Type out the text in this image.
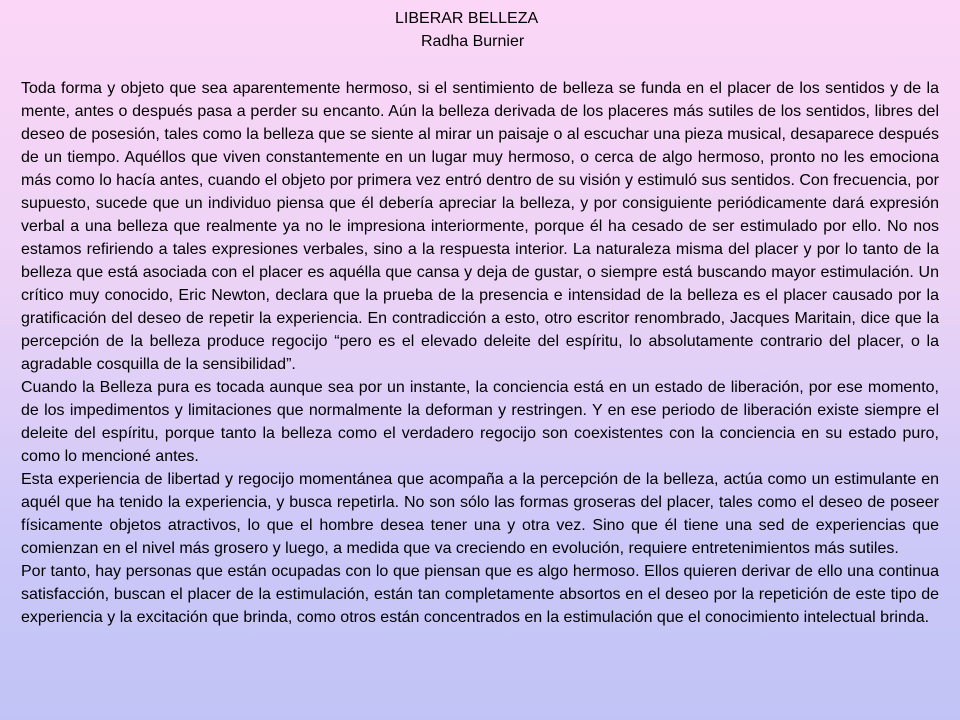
LIBERAR BELLEZA
Radha Burnier

Toda forma y objeto que sea aparentemente hermoso, si el sentimiento de belleza se funda en el placer de los sentidos y de la mente, antes o después pasa a perder su encanto. Aún la belleza derivada de los placeres más sutiles de los sentidos, libres del deseo de posesión, tales como la belleza que se siente al mirar un paisaje o al escuchar una pieza musical, desaparece después de un tiempo. Aquéllos que viven constantemente en un lugar muy hermoso, o cerca de algo hermoso, pronto no les emociona más como lo hacía antes, cuando el objeto por primera vez entró dentro de su visión y estimuló sus sentidos. Con frecuencia, por supuesto, sucede que un individuo piensa que él debería apreciar la belleza, y por consiguiente periódicamente dará expresión verbal a una belleza que realmente ya no le impresiona interiormente, porque él ha cesado de ser estimulado por ello. No nos estamos refiriendo a tales expresiones verbales, sino a la respuesta interior. La naturaleza misma del placer y por lo tanto de la belleza que está asociada con el placer es aquélla que cansa y deja de gustar, o siempre está buscando mayor estimulación. Un crítico muy conocido, Eric Newton, declara que la prueba de la presencia e intensidad de la belleza es el placer causado por la gratificación del deseo de repetir la experiencia. En contradicción a esto, otro escritor renombrado, Jacques Maritain, dice que la percepción de la belleza produce regocijo “pero es el elevado deleite del espíritu, lo absolutamente contrario del placer, o la agradable cosquilla de la sensibilidad”.

Cuando la Belleza pura es tocada aunque sea por un instante, la conciencia está en un estado de liberación, por ese momento, de los impedimentos y limitaciones que normalmente la deforman y restringen. Y en ese periodo de liberación existe siempre el deleite del espíritu, porque tanto la belleza como el verdadero regocijo son coexistentes con la conciencia en su estado puro, como lo mencioné antes.

Esta experiencia de libertad y regocijo momentánea que acompaña a la percepción de la belleza, actúa como un estimulante en aquél que ha tenido la experiencia, y busca repetirla. No son sólo las formas groseras del placer, tales como el deseo de poseer físicamente objetos atractivos, lo que el hombre desea tener una y otra vez. Sino que él tiene una sed de experiencias que comienzan en el nivel más grosero y luego, a medida que va creciendo en evolución, requiere entretenimientos más sutiles.

Por tanto, hay personas que están ocupadas con lo que piensan que es algo hermoso. Ellos quieren derivar de ello una continua satisfacción, buscan el placer de la estimulación, están tan completamente absortos en el deseo por la repetición de este tipo de experiencia y la excitación que brinda, como otros están concentrados en la estimulación que el conocimiento intelectual brinda.
